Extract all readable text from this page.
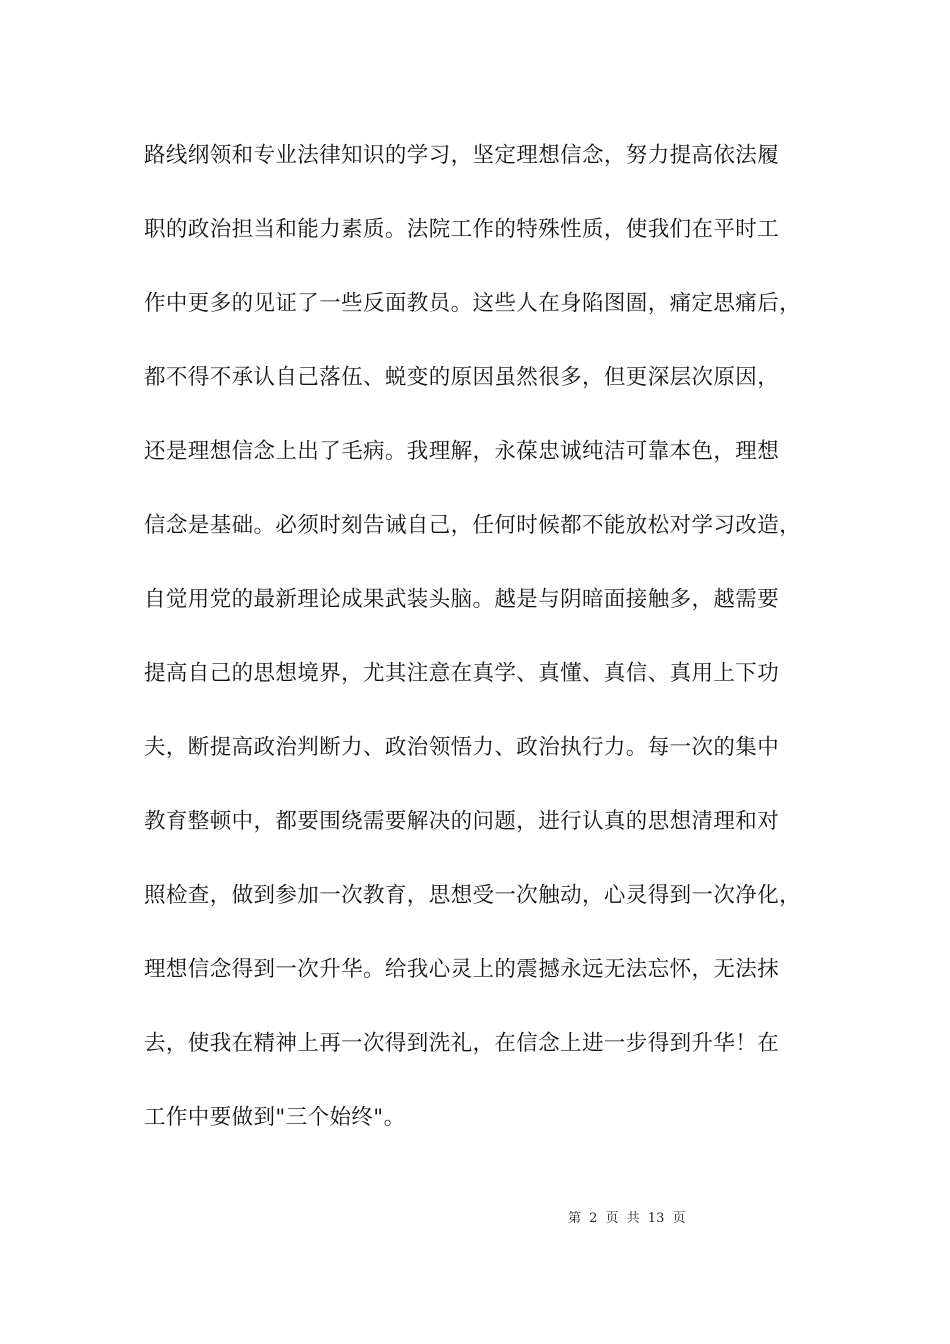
路线纲领和专业法律知识的学习，坚定理想信念，努力提高依法履
职的政治担当和能力素质。法院工作的特殊性质，使我们在平时工
作中更多的见证了一些反面教员。这些人在身陷图圄，痛定思痛后，
都不得不承认自己落伍、蜕变的原因虽然很多，但更深层次原因，
还是理想信念上出了毛病。我理解，永葆忠诚纯洁可靠本色，理想
信念是基础。必须时刻告诫自己，任何时候都不能放松对学习改造，
自觉用党的最新理论成果武装头脑。越是与阴暗面接触多，越需要
提高自己的思想境界，尤其注意在真学、真懂、真信、真用上下功
夫，断提高政治判断力、政治领悟力、政治执行力。每一次的集中
教育整顿中，都要围绕需要解决的问题，进行认真的思想清理和对
照检查，做到参加一次教育，思想受一次触动，心灵得到一次净化，
理想信念得到一次升华。给我心灵上的震撼永远无法忘怀，无法抹
去，使我在精神上再一次得到洗礼，在信念上进一步得到升华！在
工作中要做到"三个始终"。
第 2 页 共 13 页
